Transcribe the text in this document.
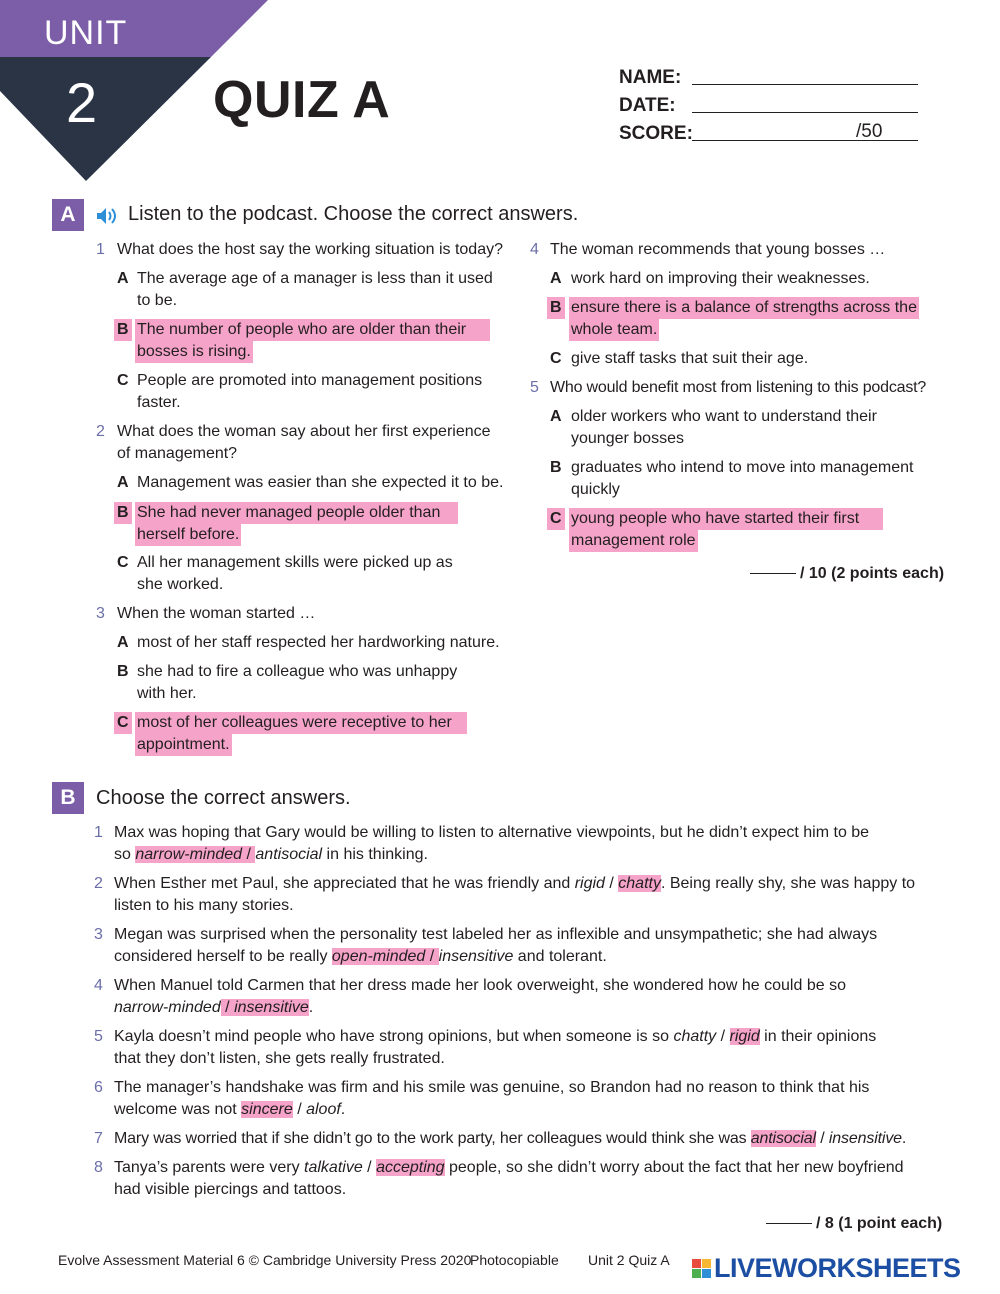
UNIT
2 QUIZ A	NAME:
DATE:
SCORE:	/50
A	Listen to the podcast. Choose the correct answers.
1 What does the host say the working situation is today?
A The average age of a manager is less than it used
to be.
B The number of people who are older than their
bosses is rising.
C People are promoted into management positions
faster.
2 What does the woman say about her first experience
of management?
A Management was easier than she expected it to be.
B She had never managed people older than
herself before.
C All her management skills were picked up as
she worked.
3 When the woman started …
A most of her staff respected her hardworking nature.
B she had to fire a colleague who was unhappy
with her.
C most of her colleagues were receptive to her
appointment.
4 The woman recommends that young bosses …
A work hard on improving their weaknesses.
B ensure there is a balance of strengths across the
whole team.
C give staff tasks that suit their age.
5 Who would benefit most from listening to this podcast?
A older workers who want to understand their
younger bosses
B graduates who intend to move into management
quickly
C young people who have started their first
management role
/ 10 (2 points each)
B	Choose the correct answers.
1 Max was hoping that Gary would be willing to listen to alternative viewpoints, but he didn’t expect him to be
so narrow-minded / antisocial in his thinking.
2 When Esther met Paul, she appreciated that he was friendly and rigid / chatty. Being really shy, she was happy to
listen to his many stories.
3 Megan was surprised when the personality test labeled her as inflexible and unsympathetic; she had always
considered herself to be really open-minded / insensitive and tolerant.
4 When Manuel told Carmen that her dress made her look overweight, she wondered how he could be so
narrow-minded / insensitive.
5 Kayla doesn’t mind people who have strong opinions, but when someone is so chatty / rigid in their opinions
that they don’t listen, she gets really frustrated.
6 The manager’s handshake was firm and his smile was genuine, so Brandon had no reason to think that his
welcome was not sincere / aloof.
7 Mary was worried that if she didn’t go to the work party, her colleagues would think she was antisocial / insensitive.
8 Tanya’s parents were very talkative / accepting people, so she didn’t worry about the fact that her new boyfriend
had visible piercings and tattoos.
/ 8 (1 point each)
Evolve Assessment Material 6 © Cambridge University Press 2020
Photocopiable Unit 2 Quiz A LIVEWORKSHEETS
